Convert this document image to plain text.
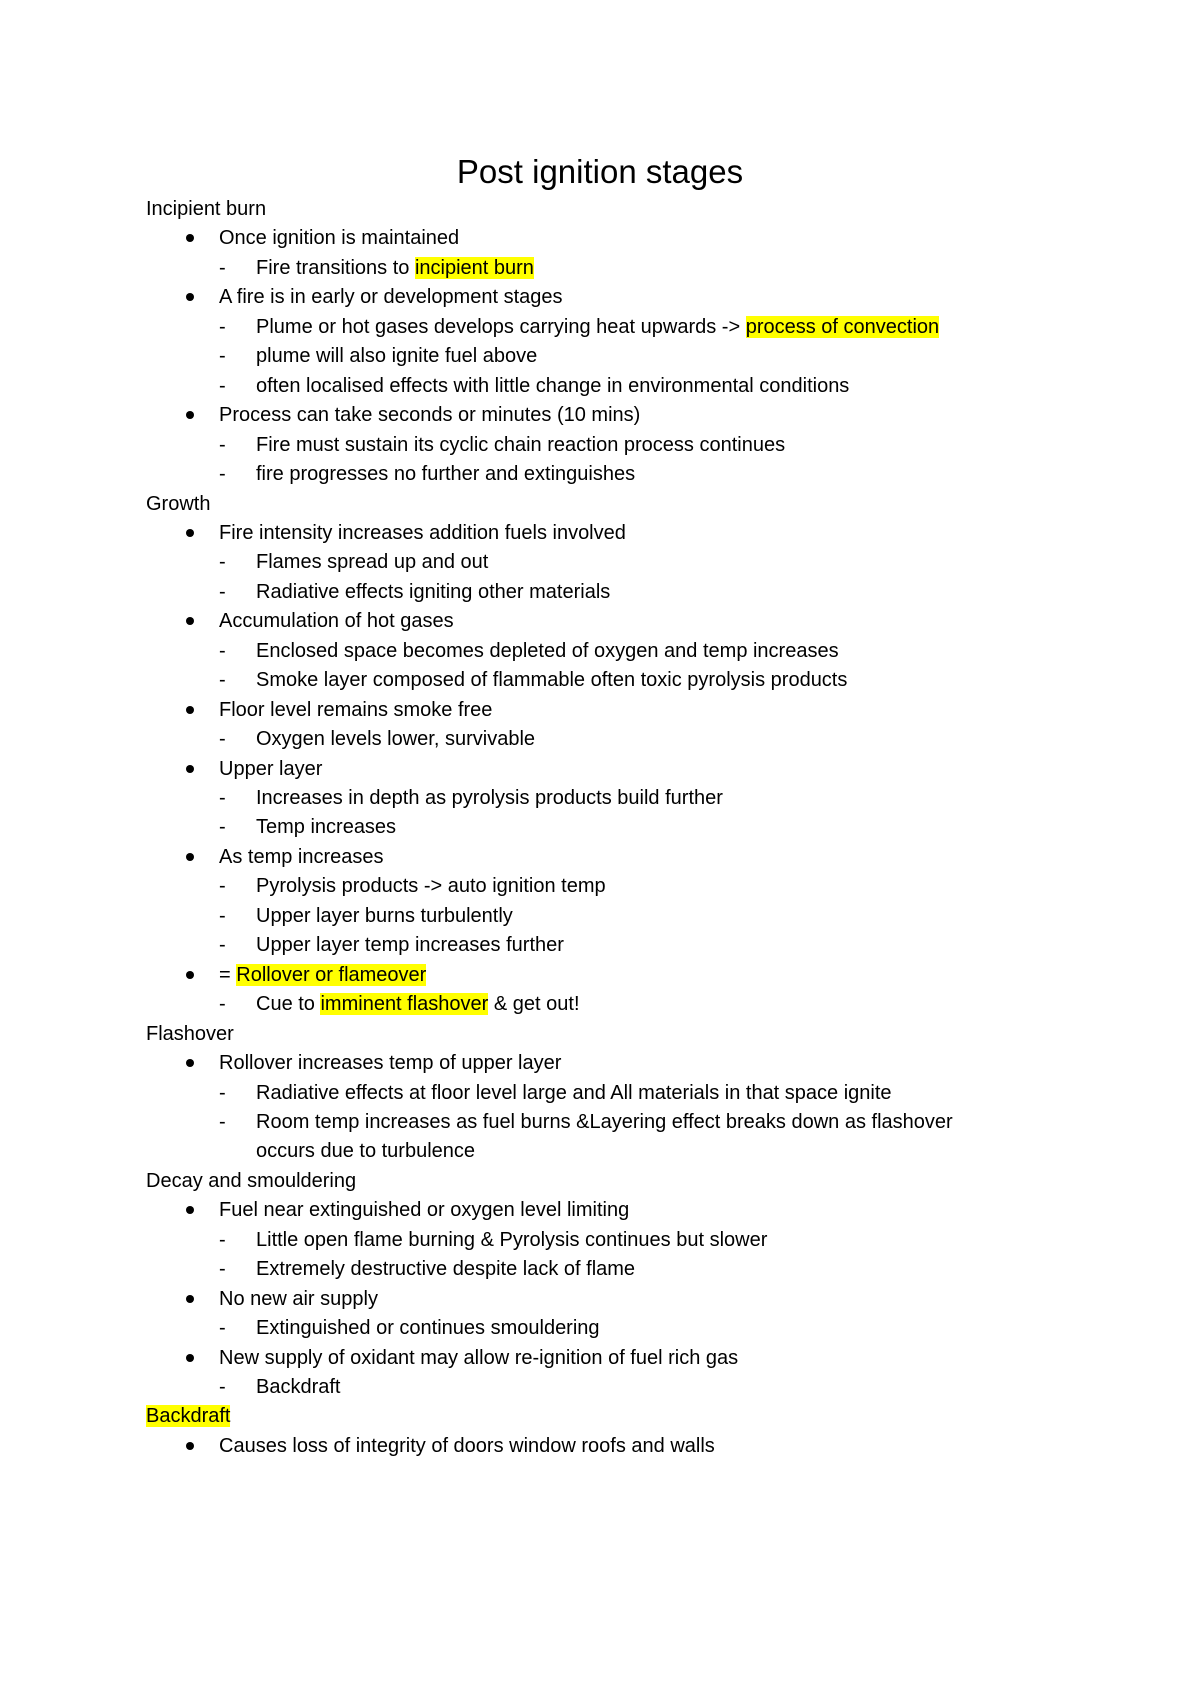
Post ignition stages
Incipient burn
Once ignition is maintained
- Fire transitions to incipient burn
A fire is in early or development stages
- Plume or hot gases develops carrying heat upwards -> process of convection
- plume will also ignite fuel above
- often localised effects with little change in environmental conditions
Process can take seconds or minutes (10 mins)
- Fire must sustain its cyclic chain reaction process continues
- fire progresses no further and extinguishes
Growth
Fire intensity increases addition fuels involved
- Flames spread up and out
- Radiative effects igniting other materials
Accumulation of hot gases
- Enclosed space becomes depleted of oxygen and temp increases
- Smoke layer composed of flammable often toxic pyrolysis products
Floor level remains smoke free
- Oxygen levels lower, survivable
Upper layer
- Increases in depth as pyrolysis products build further
- Temp increases
As temp increases
- Pyrolysis products -> auto ignition temp
- Upper layer burns turbulently
- Upper layer temp increases further
= Rollover or flameover
- Cue to imminent flashover & get out!
Flashover
Rollover increases temp of upper layer
- Radiative effects at floor level large and All materials in that space ignite
- Room temp increases as fuel burns &Layering effect breaks down as flashover
occurs due to turbulence
Decay and smouldering
Fuel near extinguished or oxygen level limiting
- Little open flame burning & Pyrolysis continues but slower
- Extremely destructive despite lack of flame
No new air supply
- Extinguished or continues smouldering
New supply of oxidant may allow re-ignition of fuel rich gas
- Backdraft
Backdraft
Causes loss of integrity of doors window roofs and walls
